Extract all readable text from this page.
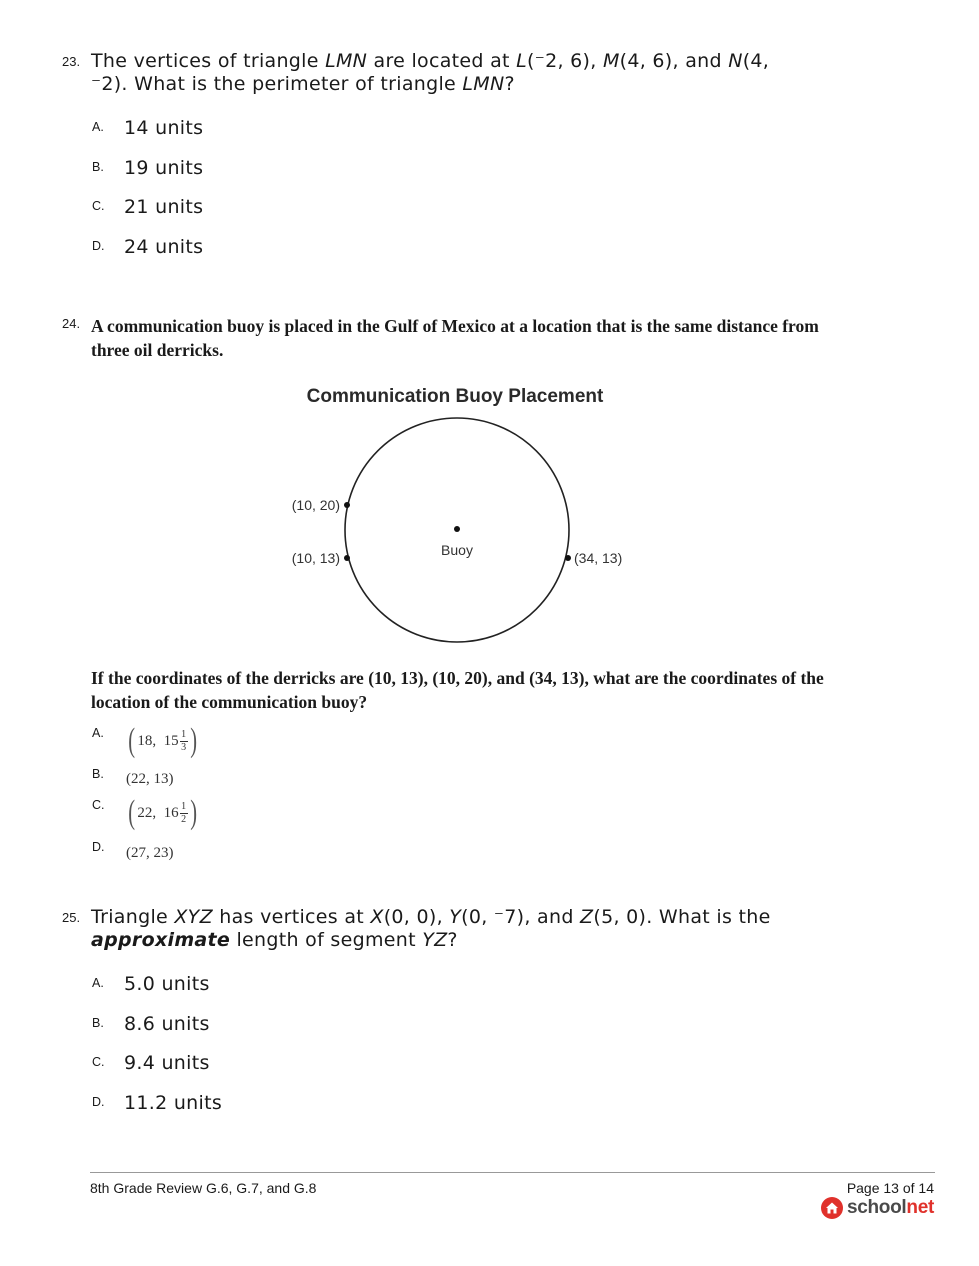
23. The vertices of triangle LMN are located at L(⁻2, 6), M(4, 6), and N(4, ⁻2). What is the perimeter of triangle LMN?
A. 14 units
B. 19 units
C. 21 units
D. 24 units
24. A communication buoy is placed in the Gulf of Mexico at a location that is the same distance from three oil derricks.
Communication Buoy Placement
Buoy
(10, 20)
(10, 13)	(34, 13)
If the coordinates of the derricks are (10, 13), (10, 20), and (34, 13), what are the coordinates of the location of the communication buoy?
A. ( 18,
$15 \frac{1}{3}$ )
B. (22, 13)
C. ( 22,
$16 \frac{1}{2}$ )
D. (27, 23)
25. Triangle XYZ has vertices at X(0, 0), Y(0, ⁻7), and Z(5, 0). What is the approximate length of segment YZ?
A. 5.0 units
B. 8.6 units
C. 9.4 units
D. 11.2 units
8th Grade Review G.6, G.7, and G.8	Page 13 of 14
schoolnet
